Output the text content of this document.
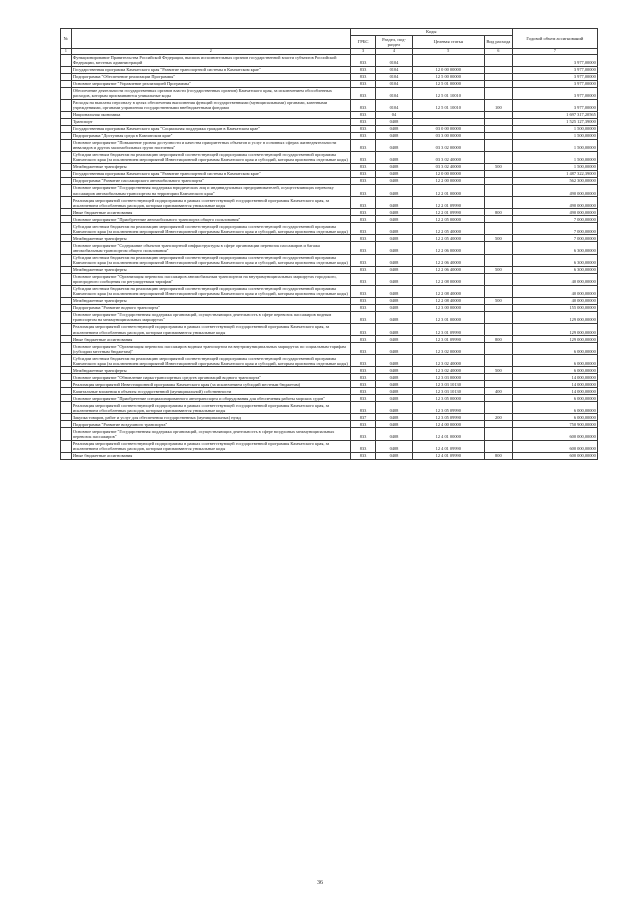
№		Коды				Годовой объем ассигнований
		ГРБС	Раздел, под-раздел	Целевая статья	Вид расхода	
1	2	3	4	5	6	7
	Функционирование Правительства Российской Федерации, высших исполнительных органов государственной власти субъектов Российской Федерации, местных администраций	833	0104			3 977,00000
	Государственная программа Камчатского края "Развитие транспортной системы в Камчатском крае"	833	0104	12 0 00 00000		3 977,00000
	Подпрограмма "Обеспечение реализации Программы"	833	0104	12 5 00 00000		3 977,00000
	Основное мероприятие "Управление реализацией Программы"	833	0104	12 5 01 00000		3 977,00000
	Обеспечение деятельности государственных органов власти (государственных органов) Камчатского края, за исключением обособленных расходов, которым присваиваются уникальные коды	833	0104	12 5 01 10010		3 977,00000
	Расходы на выплаты персоналу в целях обеспечения выполнения функций государственными (муниципальными) органами, казенными учреждениями, органами управления государственными внебюджетными фондами	833	0104	12 5 01 10010	100	3 977,00000
	Национальная экономика	833	04			1 697 317,20565
	Транспорт	833	0408			1 525 127,39000
	Государственная программа Камчатского края "Социальная поддержка граждан в Камчатском крае"	833	0408	03 0 00 00000		1 500,00000
	Подпрограмма "Доступная среда в Камчатском крае"	833	0408	03 3 00 00000		1 500,00000
	Основное мероприятие "Повышение уровня доступности и качества приоритетных объектов и услуг в основных сферах жизнедеятельности инвалидов и других маломобильных групп населения"	833	0408	03 3 02 00000		1 500,00000
	Субсидии местным бюджетам на реализацию мероприятий соответствующей подпрограммы соответствующей государственной программы Камчатского края (за исключением мероприятий Инвестиционной программы Камчатского края и субсидий, которым присвоены отдельные коды)	833	0408	03 3 02 40000		1 500,00000
	Межбюджетные трансферты	833	0408	03 3 02 40000	500	1 500,00000
	Государственная программа Камчатского края "Развитие транспортной системы в Камчатском крае"	833	0408	12 0 00 00000		1 487 322,39000
	Подпрограмма "Развитие пассажирского автомобильного транспорта"	833	0408	12 2 00 00000		562 300,00000
	Основное мероприятие "Государственная поддержка юридических лиц и индивидуальных предпринимателей, осуществляющих перевозку пассажиров автомобильным транспортом на территории Камчатского края"	833	0408	12 2 01 00000		490 000,00000
	Реализация мероприятий соответствующей подпрограммы в рамках соответствующей государственной программы Камчатского края, за исключением обособленных расходов, которым присваиваются уникальные коды	833	0408	12 2 01 09990		490 000,00000
	Иные бюджетные ассигнования	833	0408	12 2 01 09990	800	490 000,00000
	Основное мероприятие "Приобретение автомобильного транспорта общего пользования"	833	0408	12 2 05 00000		7 000,00000
	Субсидии местным бюджетам на реализацию мероприятий соответствующей подпрограммы соответствующей государственной программы Камчатского края (за исключением мероприятий Инвестиционной программы Камчатского края и субсидий, которым присвоены отдельные коды)	833	0408	12 2 05 40000		7 000,00000
	Межбюджетные трансферты	833	0408	12 2 05 40000	500	7 000,00000
	Основное мероприятие "Содержание объектов транспортной инфраструктуры в сфере организации перевозок пассажиров и багажа автомобильным транспортом общего пользования"	833	0408	12 2 06 00000		6 300,00000
	Субсидии местным бюджетам на реализацию мероприятий соответствующей подпрограммы соответствующей государственной программы Камчатского края (за исключением мероприятий Инвестиционной программы Камчатского края и субсидий, которым присвоены отдельные коды)	833	0408	12 2 06 40000		6 300,00000
	Межбюджетные трансферты	833	0408	12 2 06 40000	500	6 300,00000
	Основное мероприятие "Организация перевозок пассажиров автомобильным транспортом на внутримуниципальных маршрутах городского, пригородного сообщения по регулируемым тарифам"	833	0408	12 2 08 00000		40 000,00000
	Субсидии местным бюджетам на реализацию мероприятий соответствующей подпрограммы соответствующей государственной программы Камчатского края (за исключением мероприятий Инвестиционной программы Камчатского края и субсидий, которым присвоены отдельные коды)	833	0408	12 2 08 40000		40 000,00000
	Межбюджетные трансферты	833	0408	12 2 08 40000	500	40 000,00000
	Подпрограмма "Развитие водного транспорта"	833	0408	12 3 00 00000		155 000,00000
	Основное мероприятие "Государственная поддержка организаций, осуществляющих деятельность в сфере перевозок пассажиров водным транспортом на межмуниципальных маршрутах"	833	0408	12 3 01 00000		129 000,00000
	Реализация мероприятий соответствующей подпрограммы в рамках соответствующей государственной программы Камчатского края, за исключением обособленных расходов, которым присваиваются уникальные коды	833	0408	12 3 01 09990		129 000,00000
	Иные бюджетные ассигнования	833	0408	12 3 01 09990	800	129 000,00000
	Основное мероприятие "Организация перевозок пассажиров водным транспортом на внутримуниципальных маршрутах по социальным тарифам (субсидии местным бюджетам)"	833	0408	12 3 02 00000		6 000,00000
	Субсидии местным бюджетам на реализацию мероприятий соответствующей подпрограммы соответствующей государственной программы Камчатского края (за исключением мероприятий Инвестиционной программы Камчатского края и субсидий, которым присвоены отдельные коды)	833	0408	12 3 02 40000		6 000,00000
	Межбюджетные трансферты	833	0408	12 3 02 40000	500	6 000,00000
	Основное мероприятие "Обновление парка транспортных средств организаций водного транспорта"	833	0408	12 3 03 00000		14 000,00000
	Реализация мероприятий Инвестиционной программы Камчатского края (за исключением субсидий местным бюджетам)	833	0408	12 3 03 10130		14 000,00000
	Капитальные вложения в объекты государственной (муниципальной) собственности	833	0408	12 3 03 10130	400	14 000,00000
	Основное мероприятие "Приобретение специализированного автотранспорта и оборудования для обеспечения работы морских судов"	833	0408	12 3 05 00000		6 000,00000
	Реализация мероприятий соответствующей подпрограммы в рамках соответствующей государственной программы Камчатского края, за исключением обособленных расходов, которым присваиваются уникальные коды	833	0408	12 3 05 09990		6 000,00000
	Закупка товаров, работ и услуг для обеспечения государственных (муниципальных) нужд	837	0408	12 3 05 09990	200	6 000,00000
	Подпрограмма "Развитие воздушного транспорта"	833	0408	12 4 00 00000		750 900,00000
	Основное мероприятие "Государственная поддержка организаций, осуществляющих деятельность в сфере воздушных межмуниципальных перевозок пассажиров"	833	0408	12 4 01 00000		600 000,00000
	Реализация мероприятий соответствующей подпрограммы в рамках соответствующей государственной программы Камчатского края, за исключением обособленных расходов, которым присваиваются уникальные коды	833	0408	12 4 01 09990		600 000,00000
	Иные бюджетные ассигнования	833	0408	12 4 01 09990	800	600 000,00000
36
